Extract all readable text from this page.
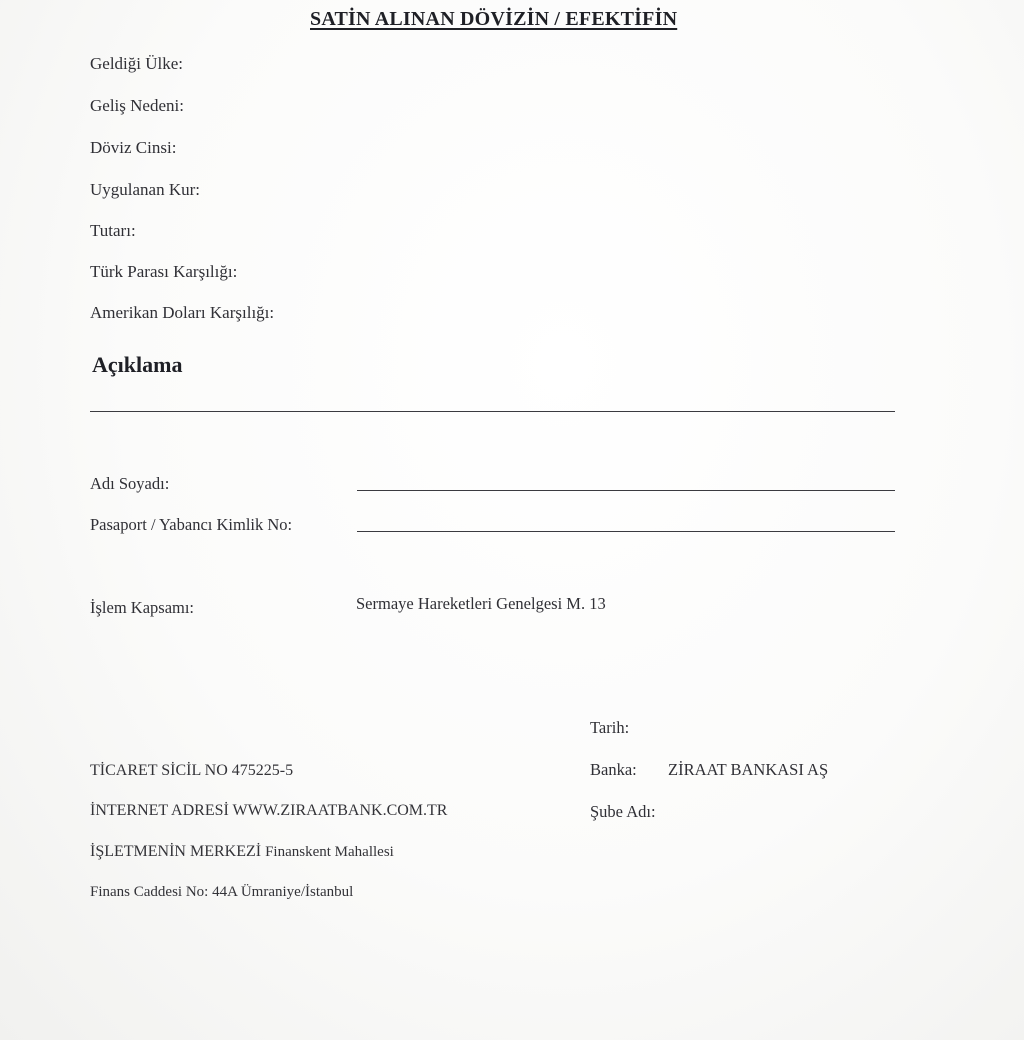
SATİN ALINAN DÖVİZİN / EFEKTİFİN
Geldiği Ülke:
Geliş Nedeni:
Döviz Cinsi:
Uygulanan Kur:
Tutarı:
Türk Parası Karşılığı:
Amerikan Doları Karşılığı:
Açıklama
Adı Soyadı:
Pasaport / Yabancı Kimlik No:
İşlem Kapsamı:	Sermaye Hareketleri Genelgesi M. 13
Tarih:
TİCARET SİCİL NO 475225-5	Banka: ZİRAAT BANKASI AŞ
İNTERNET ADRESİ WWW.ZIRAATBANK.COM.TR	Şube Adı:
İŞLETMENİN MERKEZİ Finanskent Mahallesi
Finans Caddesi No: 44A Ümraniye/İstanbul
